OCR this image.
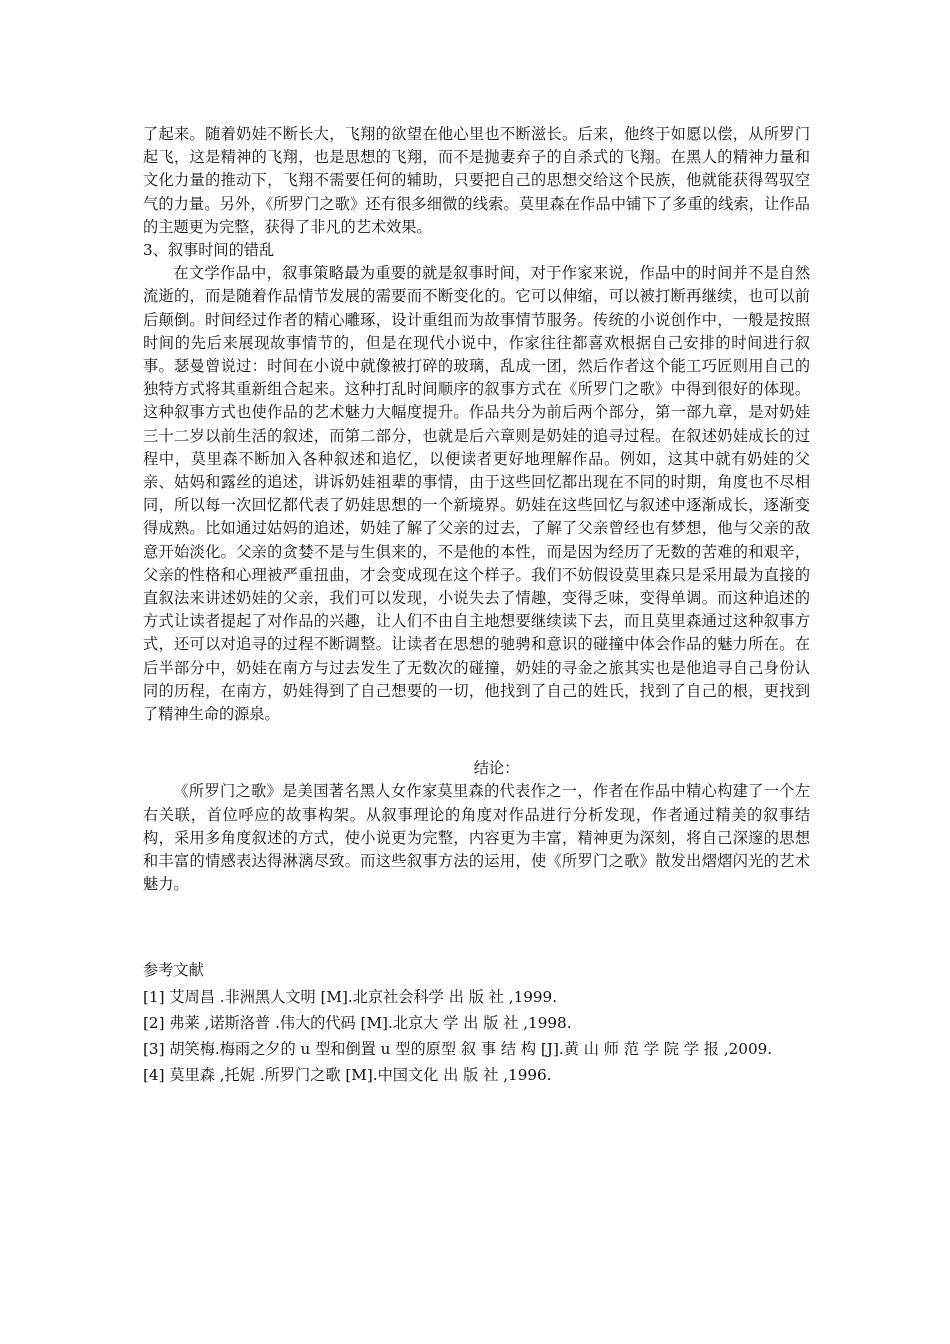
了起来。随着奶娃不断长大，飞翔的欲望在他心里也不断滋长。后来，他终于如愿以偿，从所罗门起飞，这是精神的飞翔，也是思想的飞翔，而不是抛妻弃子的自杀式的飞翔。在黑人的精神力量和文化力量的推动下，飞翔不需要任何的辅助，只要把自己的思想交给这个民族，他就能获得驾驭空气的力量。另外，《所罗门之歌》还有很多细微的线索。莫里森在作品中铺下了多重的线索，让作品的主题更为完整，获得了非凡的艺术效果。

3、叙事时间的错乱

在文学作品中，叙事策略最为重要的就是叙事时间，对于作家来说，作品中的时间并不是自然流逝的，而是随着作品情节发展的需要而不断变化的。它可以伸缩，可以被打断再继续，也可以前后颠倒。时间经过作者的精心雕琢，设计重组而为故事情节服务。传统的小说创作中，一般是按照时间的先后来展现故事情节的，但是在现代小说中，作家往往都喜欢根据自己安排的时间进行叙事。瑟曼曾说过：时间在小说中就像被打碎的玻璃，乱成一团，然后作者这个能工巧匠则用自己的独特方式将其重新组合起来。这种打乱时间顺序的叙事方式在《所罗门之歌》中得到很好的体现。这种叙事方式也使作品的艺术魅力大幅度提升。作品共分为前后两个部分，第一部九章，是对奶娃三十二岁以前生活的叙述，而第二部分，也就是后六章则是奶娃的追寻过程。在叙述奶娃成长的过程中，莫里森不断加入各种叙述和追忆，以便读者更好地理解作品。例如，这其中就有奶娃的父亲、姑妈和露丝的追述，讲诉奶娃祖辈的事情，由于这些回忆都出现在不同的时期，角度也不尽相同，所以每一次回忆都代表了奶娃思想的一个新境界。奶娃在这些回忆与叙述中逐渐成长，逐渐变得成熟。比如通过姑妈的追述，奶娃了解了父亲的过去，了解了父亲曾经也有梦想，他与父亲的敌意开始淡化。父亲的贪婪不是与生俱来的，不是他的本性，而是因为经历了无数的苦难的和艰辛，父亲的性格和心理被严重扭曲，才会变成现在这个样子。我们不妨假设莫里森只是采用最为直接的直叙法来讲述奶娃的父亲，我们可以发现，小说失去了情趣，变得乏味，变得单调。而这种追述的方式让读者提起了对作品的兴趣，让人们不由自主地想要继续读下去，而且莫里森通过这种叙事方式，还可以对追寻的过程不断调整。让读者在思想的驰骋和意识的碰撞中体会作品的魅力所在。在后半部分中，奶娃在南方与过去发生了无数次的碰撞，奶娃的寻金之旅其实也是他追寻自己身份认同的历程，在南方，奶娃得到了自己想要的一切，他找到了自己的姓氏，找到了自己的根，更找到了精神生命的源泉。

结论：

《所罗门之歌》是美国著名黑人女作家莫里森的代表作之一，作者在作品中精心构建了一个左右关联，首位呼应的故事构架。从叙事理论的角度对作品进行分析发现，作者通过精美的叙事结构，采用多角度叙述的方式，使小说更为完整，内容更为丰富，精神更为深刻，将自己深邃的思想和丰富的情感表达得淋漓尽致。而这些叙事方法的运用，使《所罗门之歌》散发出熠熠闪光的艺术魅力。

参考文献

[1] 艾周昌 .非洲黑人文明 [M].北京社会科学 出 版 社 ,1999.

[2] 弗莱 ,诺斯洛普 .伟大的代码 [M].北京大 学 出 版 社 ,1998.

[3] 胡笑梅.梅雨之夕的 u 型和倒置 u 型的原型 叙 事 结 构 [J].黄 山 师 范 学 院 学 报 ,2009.

[4] 莫里森 ,托妮 .所罗门之歌 [M].中国文化 出 版 社 ,1996.
